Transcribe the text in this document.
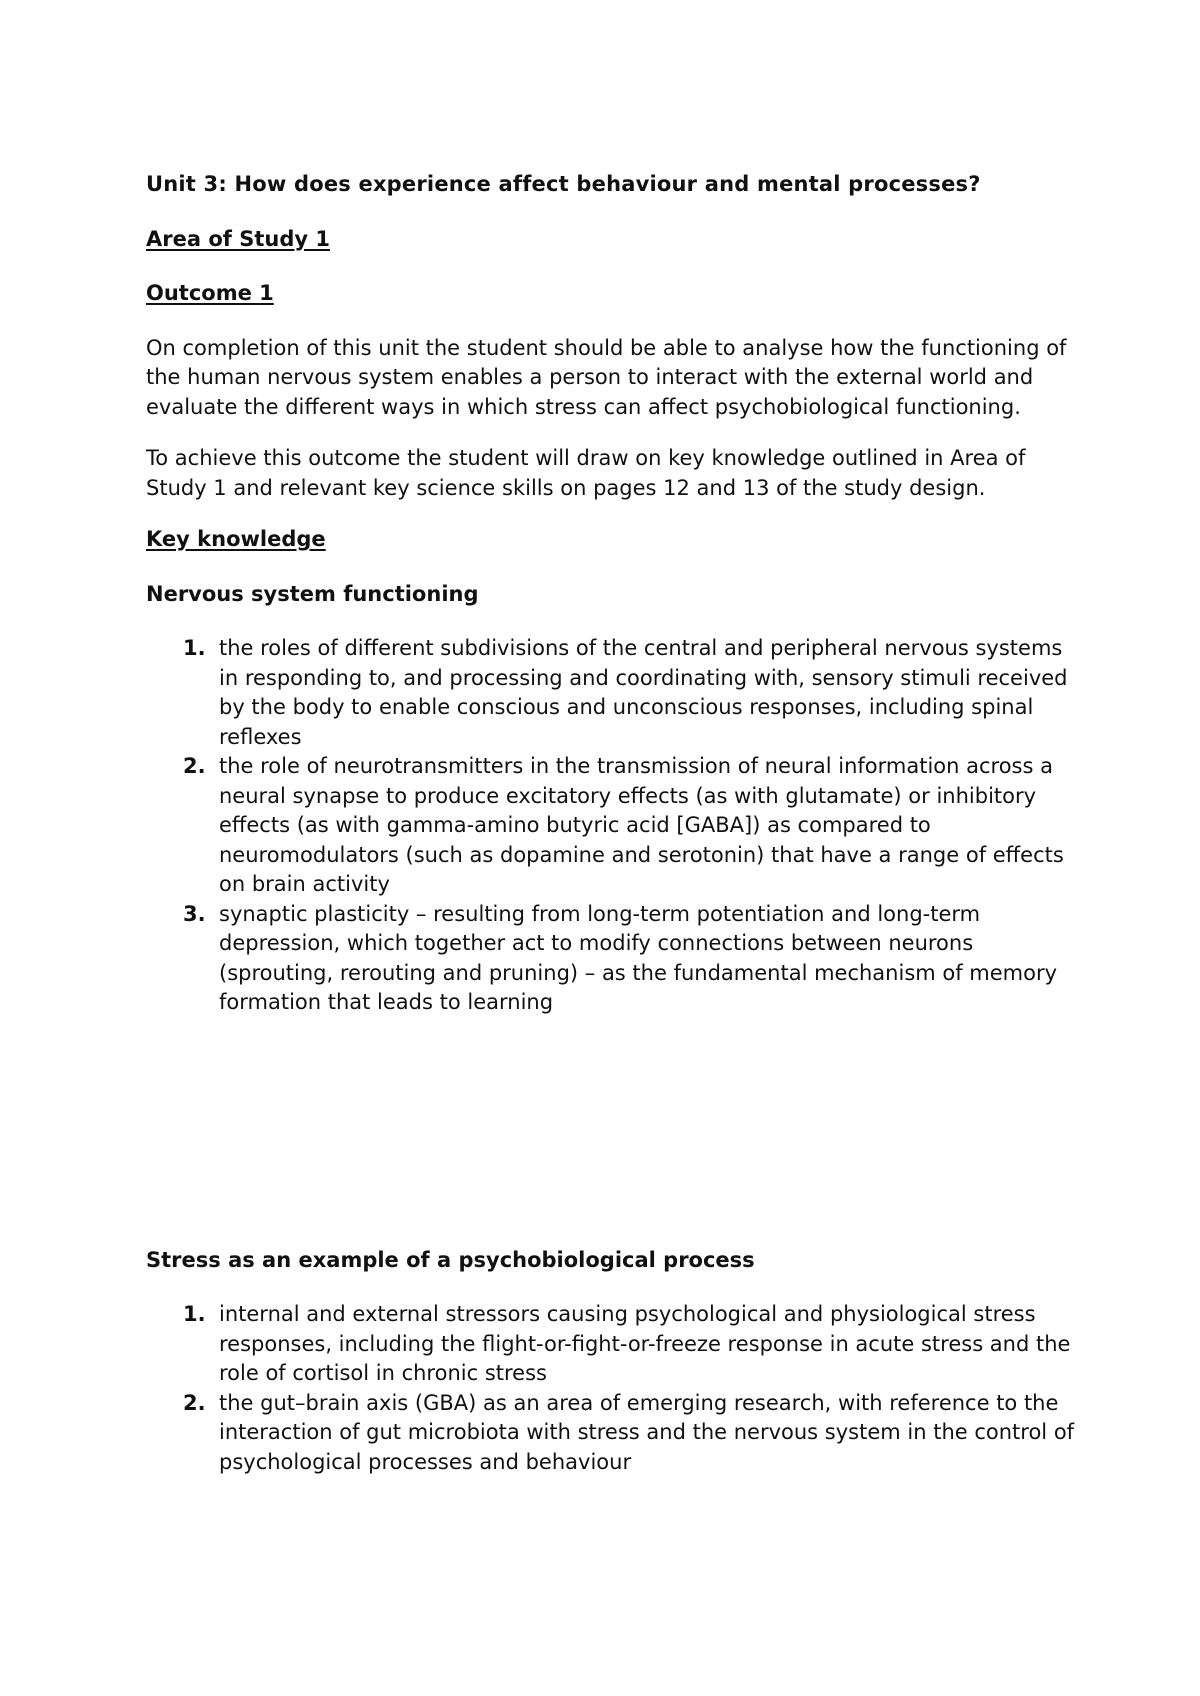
Unit 3: How does experience affect behaviour and mental processes?

Area of Study 1

Outcome 1

On completion of this unit the student should be able to analyse how the functioning of the human nervous system enables a person to interact with the external world and evaluate the different ways in which stress can affect psychobiological functioning.

To achieve this outcome the student will draw on key knowledge outlined in Area of Study 1 and relevant key science skills on pages 12 and 13 of the study design.

Key knowledge

Nervous system functioning

1. the roles of different subdivisions of the central and peripheral nervous systems in responding to, and processing and coordinating with, sensory stimuli received by the body to enable conscious and unconscious responses, including spinal reflexes
2. the role of neurotransmitters in the transmission of neural information across a neural synapse to produce excitatory effects (as with glutamate) or inhibitory effects (as with gamma-amino butyric acid [GABA]) as compared to neuromodulators (such as dopamine and serotonin) that have a range of effects on brain activity
3. synaptic plasticity – resulting from long-term potentiation and long-term depression, which together act to modify connections between neurons (sprouting, rerouting and pruning) – as the fundamental mechanism of memory formation that leads to learning

Stress as an example of a psychobiological process

1. internal and external stressors causing psychological and physiological stress responses, including the flight-or-fight-or-freeze response in acute stress and the role of cortisol in chronic stress
2. the gut–brain axis (GBA) as an area of emerging research, with reference to the interaction of gut microbiota with stress and the nervous system in the control of psychological processes and behaviour
